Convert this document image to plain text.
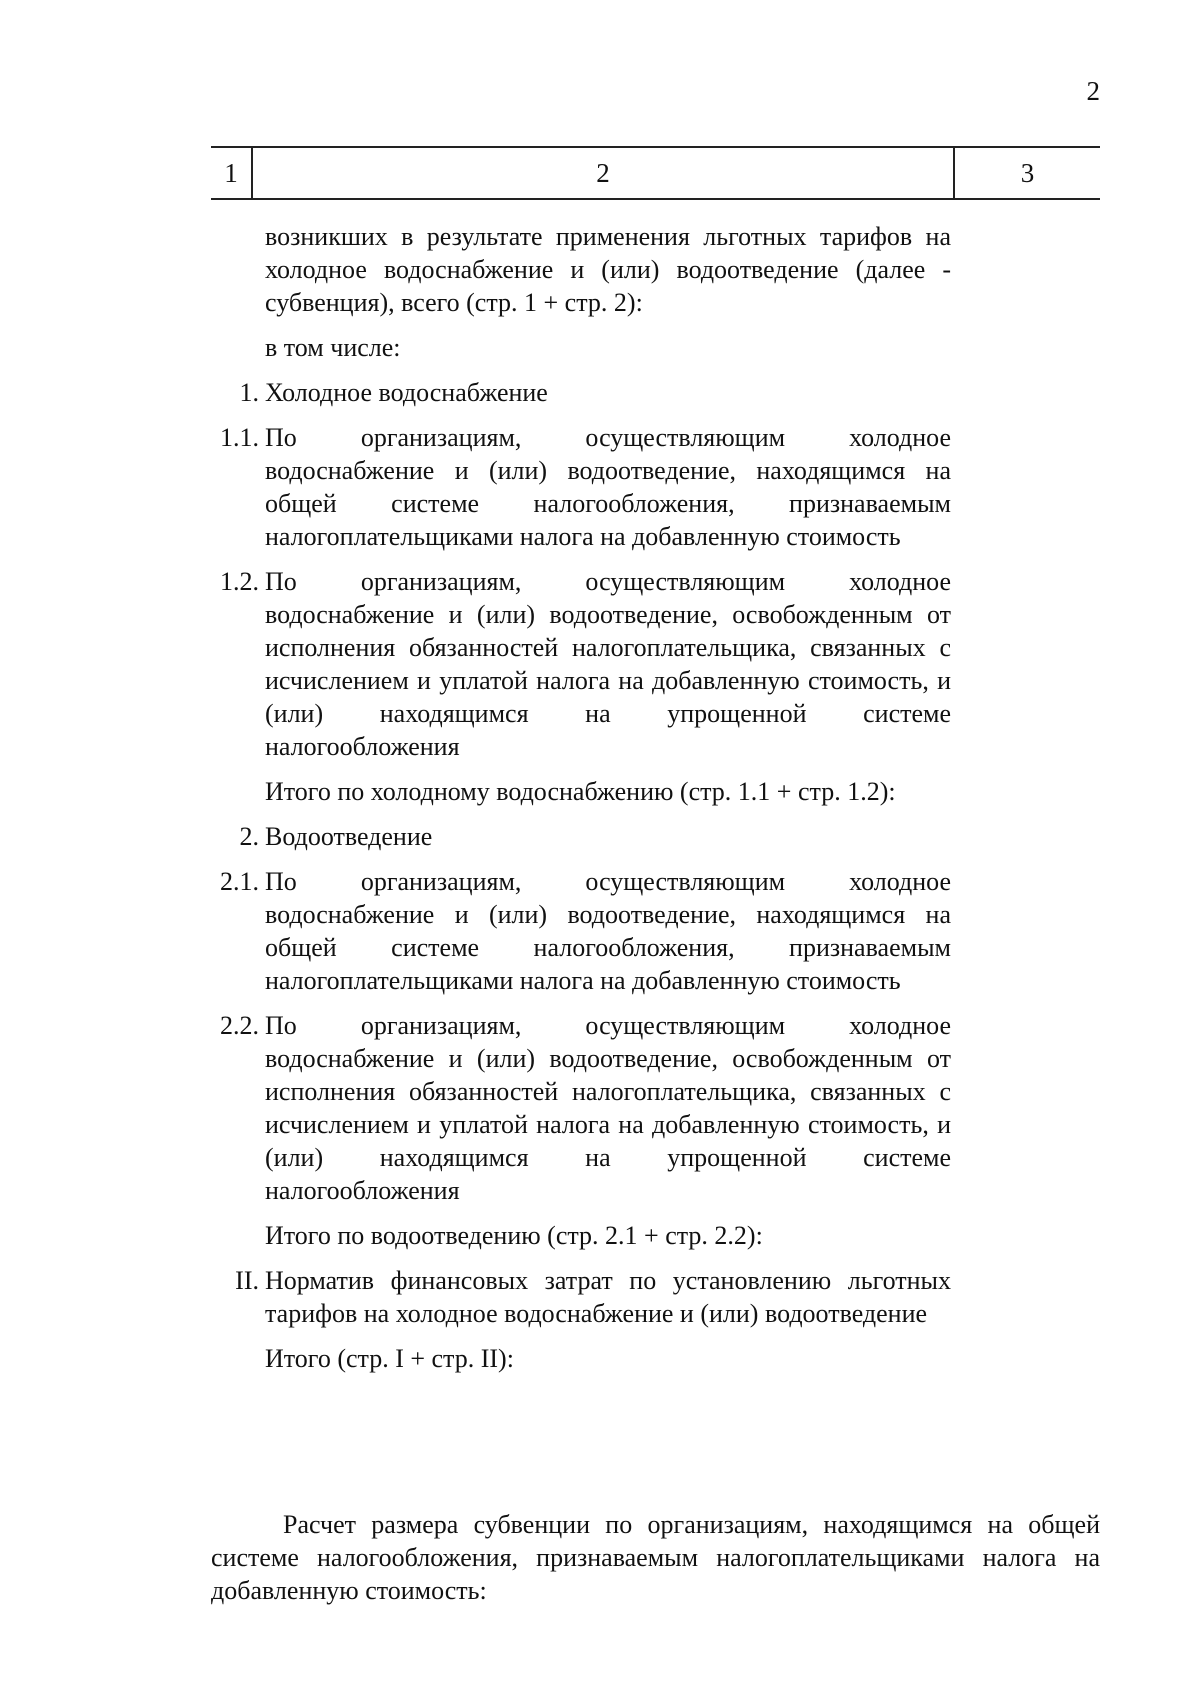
2
1	2	3
возникших в результате применения льготных тарифов на холодное водоснабжение и (или) водоотведение (далее - субвенция), всего (стр. 1 + стр. 2):
в том числе:
1. Холодное водоснабжение
1.1. По организациям, осуществляющим холодное водоснабжение и (или) водоотведение, находящимся на общей системе налогообложения, признаваемым налогоплательщиками налога на добавленную стоимость
1.2. По организациям, осуществляющим холодное водоснабжение и (или) водоотведение, освобожденным от исполнения обязанностей налогоплательщика, связанных с исчислением и уплатой налога на добавленную стоимость, и (или) находящимся на упрощенной системе налогообложения
Итого по холодному водоснабжению (стр. 1.1 + стр. 1.2):
2. Водоотведение
2.1. По организациям, осуществляющим холодное водоснабжение и (или) водоотведение, находящимся на общей системе налогообложения, признаваемым налогоплательщиками налога на добавленную стоимость
2.2. По организациям, осуществляющим холодное водоснабжение и (или) водоотведение, освобожденным от исполнения обязанностей налогоплательщика, связанных с исчислением и уплатой налога на добавленную стоимость, и (или) находящимся на упрощенной системе налогообложения
Итого по водоотведению (стр. 2.1 + стр. 2.2):
II. Норматив финансовых затрат по установлению льготных тарифов на холодное водоснабжение и (или) водоотведение
Итого (стр. I + стр. II):
Расчет размера субвенции по организациям, находящимся на общей системе налогообложения, признаваемым налогоплательщиками налога на добавленную стоимость:
